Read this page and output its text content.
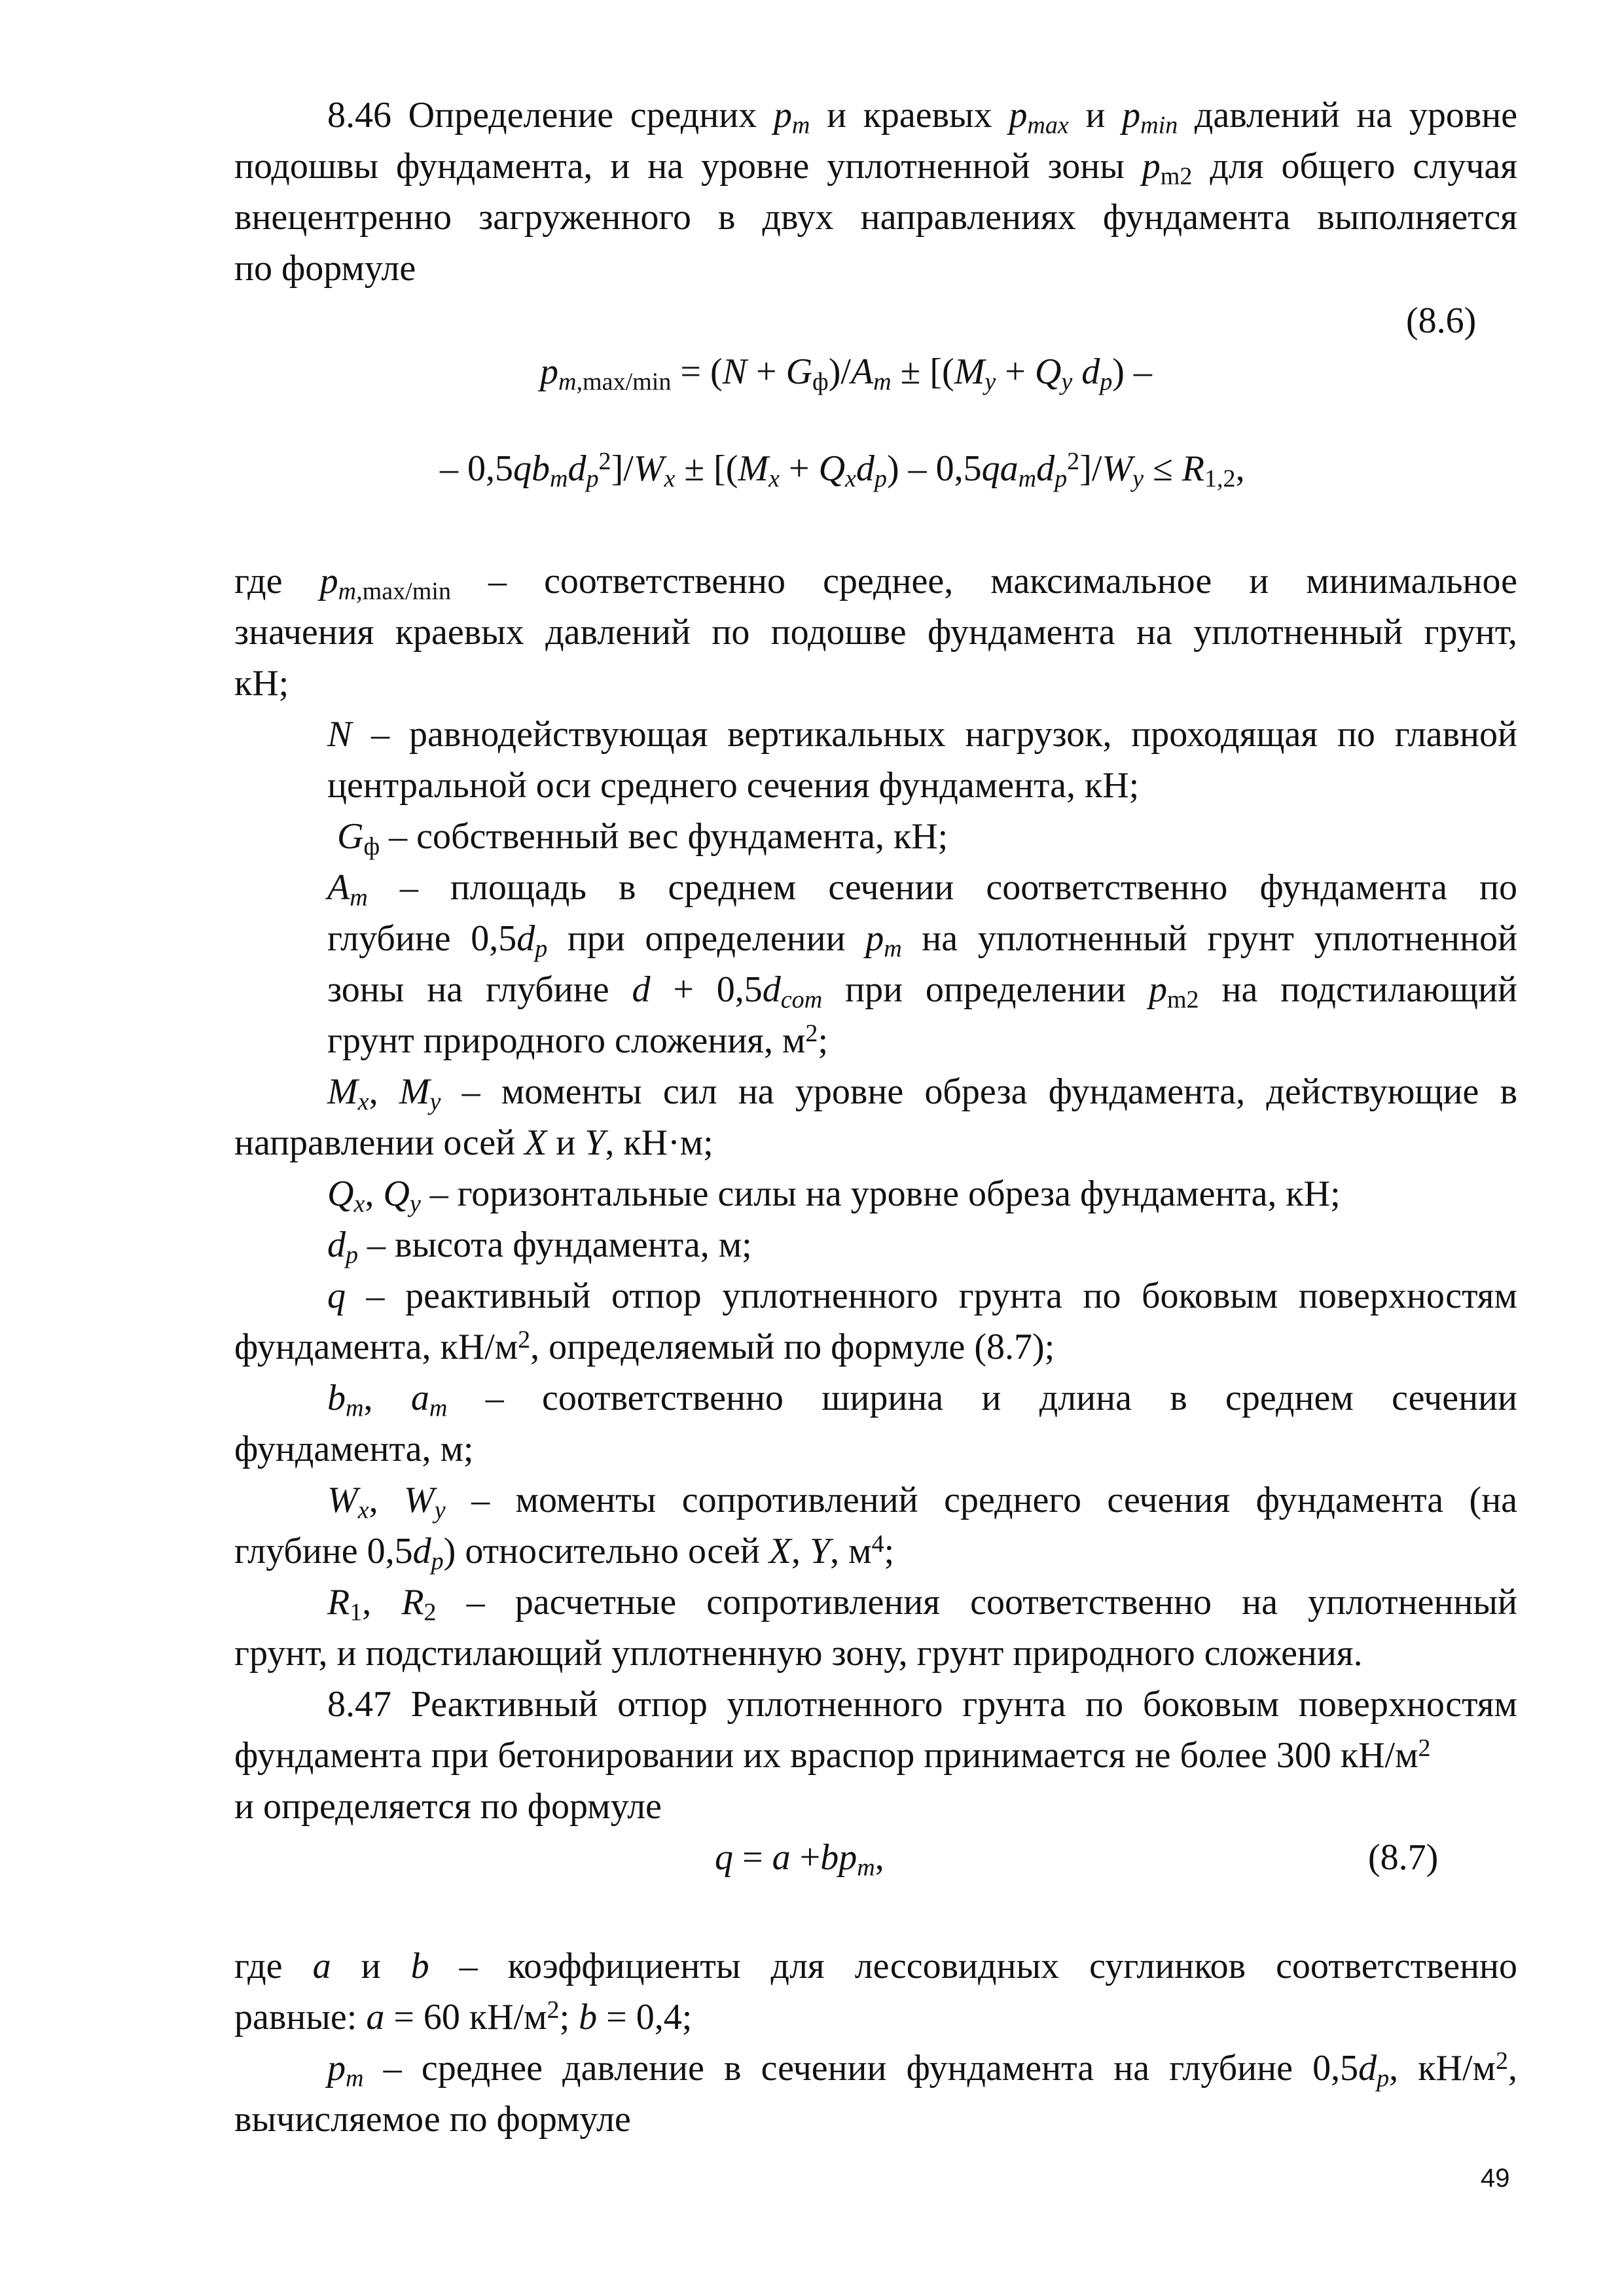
8.46 Определение средних $p_m$ и краевых $p_{max}$ и $p_{min}$ давлений на уровне
подошвы фундамента, и на уровне уплотненной зоны $p_{m2}$ для общего случая
внецентренно загруженного в двух направлениях фундамента выполняется
по формуле
(8.6)
$p_{m,max/min} = (N + G_ф)/A_m \pm [(M_y + Q_y$ $d_p$) –
– $0,5qb_md_p^2]/W_x \pm [(M_x + Q_xd_p) - 0,5qa_md_p^2]/W_y \le R_{1,2}$,
где $p_{m,max/min}$ – соответственно среднее, максимальное и минимальное
значения краевых давлений по подошве фундамента на уплотненный грунт,
кН;
N – равнодействующая вертикальных нагрузок, проходящая по главной
центральной оси среднего сечения фундамента, кН;
$G_ф$ – собственный вес фундамента, кН;
$A_m$ – площадь в среднем сечении соответственно фундамента по
глубине $0,5d_p$ при определении $p_m$ на уплотненный грунт уплотненной
зоны на глубине $d + 0,5d_{com}$ при определении $p_{m2}$ на подстилающий
грунт природного сложения, $м^2$;
$M_x$, $M_y$ – моменты сил на уровне обреза фундамента, действующие в
направлении осей X и Y, кН·м;
$Q_x$, $Q_y$ – горизонтальные силы на уровне обреза фундамента, кН;
$d_p$ – высота фундамента, м;
q – реактивный отпор уплотненного грунта по боковым поверхностям
фундамента, $кН/м^2$, определяемый по формуле (8.7);
$b_m$, $a_m$ – соответственно ширина и длина в среднем сечении
фундамента, м;
$W_x$, $W_y$ – моменты сопротивлений среднего сечения фундамента (на
глубине $0,5d_p$) относительно осей X, Y, $м^4$;
$R_1$, $R_2$ – расчетные сопротивления соответственно на уплотненный
грунт, и подстилающий уплотненную зону, грунт природного сложения.
8.47 Реактивный отпор уплотненного грунта по боковым поверхностям
фундамента при бетонировании их враспор принимается не более 300 $кН/м^2$
и определяется по формуле
$q = a +bp_m$,	(8.7)
где a и b – коэффициенты для лессовидных суглинков соответственно
равные: a = 60 $кН/м^2$; b = 0,4;
$p_m$ – среднее давление в сечении фундамента на глубине $0,5d_p$, $кН/м^2$,
вычисляемое по формуле
49
